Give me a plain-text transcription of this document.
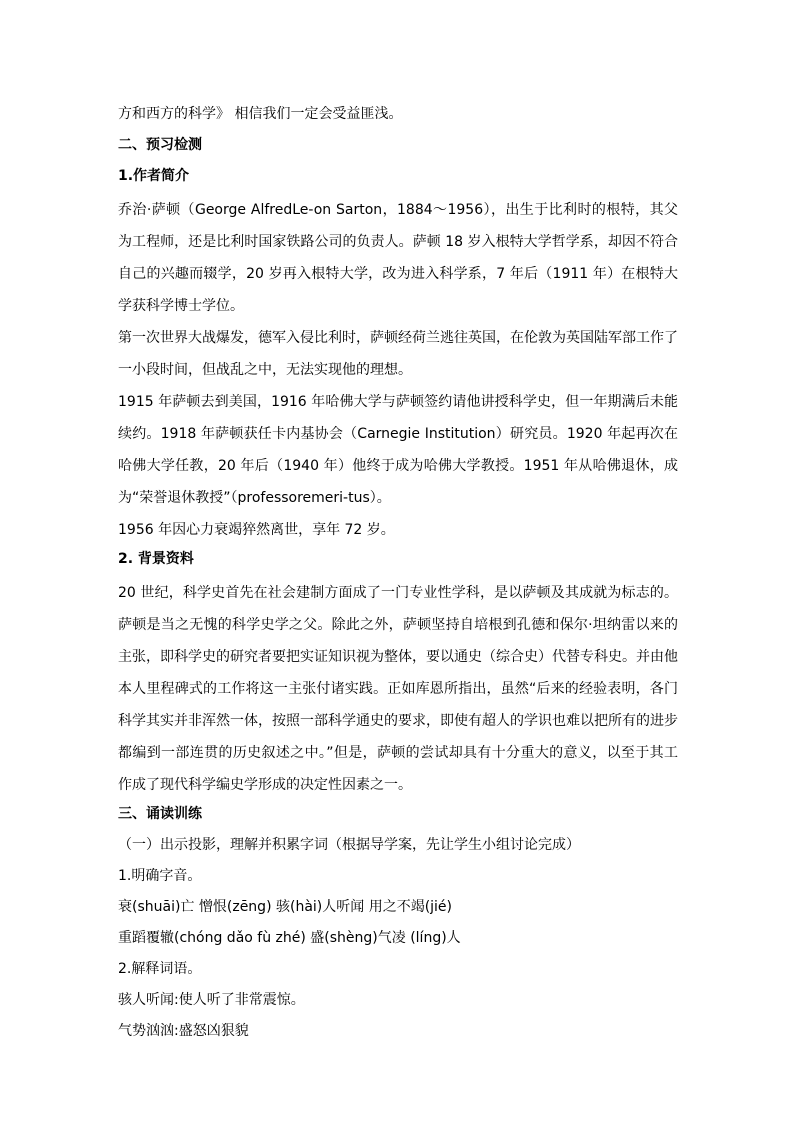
方和西方的科学》 相信我们一定会受益匪浅。
二、预习检测
1.作者简介
乔治·萨顿（George AlfredLe-on Sarton，1884～1956），出生于比利时的根特，其父为工程师，还是比利时国家铁路公司的负责人。萨顿 18 岁入根特大学哲学系，却因不符合自己的兴趣而辍学，20 岁再入根特大学，改为进入科学系，7 年后（1911 年）在根特大学获科学博士学位。
第一次世界大战爆发，德军入侵比利时，萨顿经荷兰逃往英国，在伦敦为英国陆军部工作了一小段时间，但战乱之中，无法实现他的理想。
1915 年萨顿去到美国，1916 年哈佛大学与萨顿签约请他讲授科学史，但一年期满后未能续约。1918 年萨顿获任卡内基协会（Carnegie Institution）研究员。1920 年起再次在哈佛大学任教，20 年后（1940 年）他终于成为哈佛大学教授。1951 年从哈佛退休，成为“荣誉退休教授”（professoremeri-tus）。
1956 年因心力衰竭猝然离世，享年 72 岁。
2. 背景资料
20 世纪，科学史首先在社会建制方面成了一门专业性学科，是以萨顿及其成就为标志的。萨顿是当之无愧的科学史学之父。除此之外，萨顿坚持自培根到孔德和保尔·坦纳雷以来的主张，即科学史的研究者要把实证知识视为整体，要以通史（综合史）代替专科史。并由他本人里程碑式的工作将这一主张付诸实践。正如库恩所指出，虽然“后来的经验表明，各门科学其实并非浑然一体，按照一部科学通史的要求，即使有超人的学识也难以把所有的进步都编到一部连贯的历史叙述之中。”但是，萨顿的尝试却具有十分重大的意义，以至于其工作成了现代科学编史学形成的决定性因素之一。
三、诵读训练
（一）出示投影，理解并积累字词（根据导学案，先让学生小组讨论完成）
1.明确字音。
衰(shuāi)亡 憎恨(zēng) 骇(hài)人听闻 用之不竭(jié)
重蹈覆辙(chóng dǎo fù zhé) 盛(shèng)气凌 (líng)人
2.解释词语。
骇人听闻:使人听了非常震惊。
气势汹汹:盛怒凶狠貌
